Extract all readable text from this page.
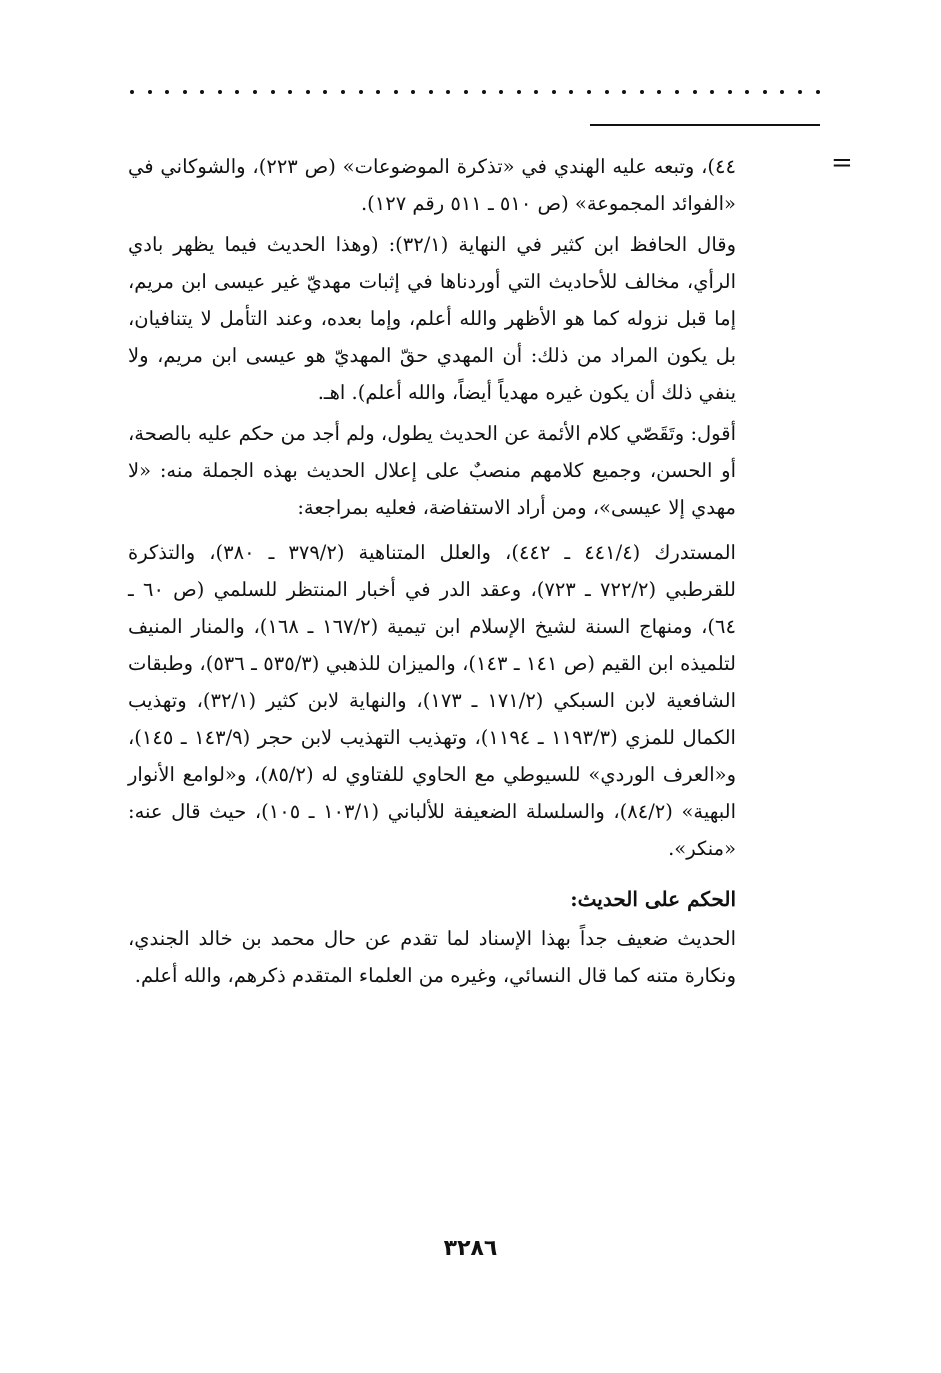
=

٤٤)، وتبعه عليه الهندي في «تذكرة الموضوعات» (ص ٢٢٣)، والشوكاني في «الفوائد المجموعة» (ص ٥١٠ ـ ٥١١ رقم ١٢٧).

وقال الحافظ ابن كثير في النهاية (٣٢/١): (وهذا الحديث فيما يظهر بادي الرأي، مخالف للأحاديث التي أوردناها في إثبات مهديّ غير عيسى ابن مريم، إما قبل نزوله كما هو الأظهر والله أعلم، وإما بعده، وعند التأمل لا يتنافيان، بل يكون المراد من ذلك: أن المهدي حقّ المهديّ هو عيسى ابن مريم، ولا ينفي ذلك أن يكون غيره مهدياً أيضاً، والله أعلم). اهـ.

أقول: وتَقَصّي كلام الأئمة عن الحديث يطول، ولم أجد من حكم عليه بالصحة، أو الحسن، وجميع كلامهم منصبٌ على إعلال الحديث بهذه الجملة منه: «لا مهدي إلا عيسى»، ومن أراد الاستفاضة، فعليه بمراجعة:

المستدرك (٤٤١/٤ ـ ٤٤٢)، والعلل المتناهية (٣٧٩/٢ ـ ٣٨٠)، والتذكرة للقرطبي (٧٢٢/٢ ـ ٧٢٣)، وعقد الدر في أخبار المنتظر للسلمي (ص ٦٠ ـ ٦٤)، ومنهاج السنة لشيخ الإسلام ابن تيمية (١٦٧/٢ ـ ١٦٨)، والمنار المنيف لتلميذه ابن القيم (ص ١٤١ ـ ١٤٣)، والميزان للذهبي (٥٣٥/٣ ـ ٥٣٦)، وطبقات الشافعية لابن السبكي (١٧١/٢ ـ ١٧٣)، والنهاية لابن كثير (٣٢/١)، وتهذيب الكمال للمزي (١١٩٣/٣ ـ ١١٩٤)، وتهذيب التهذيب لابن حجر (١٤٣/٩ ـ ١٤٥)، و«العرف الوردي» للسيوطي مع الحاوي للفتاوي له (٨٥/٢)، و«لوامع الأنوار البهية» (٨٤/٢)، والسلسلة الضعيفة للألباني (١٠٣/١ ـ ١٠٥)، حيث قال عنه: «منكر».

الحكم على الحديث:

الحديث ضعيف جداً بهذا الإسناد لما تقدم عن حال محمد بن خالد الجندي، ونكارة متنه كما قال النسائي، وغيره من العلماء المتقدم ذكرهم، والله أعلم.

٣٢٨٦
